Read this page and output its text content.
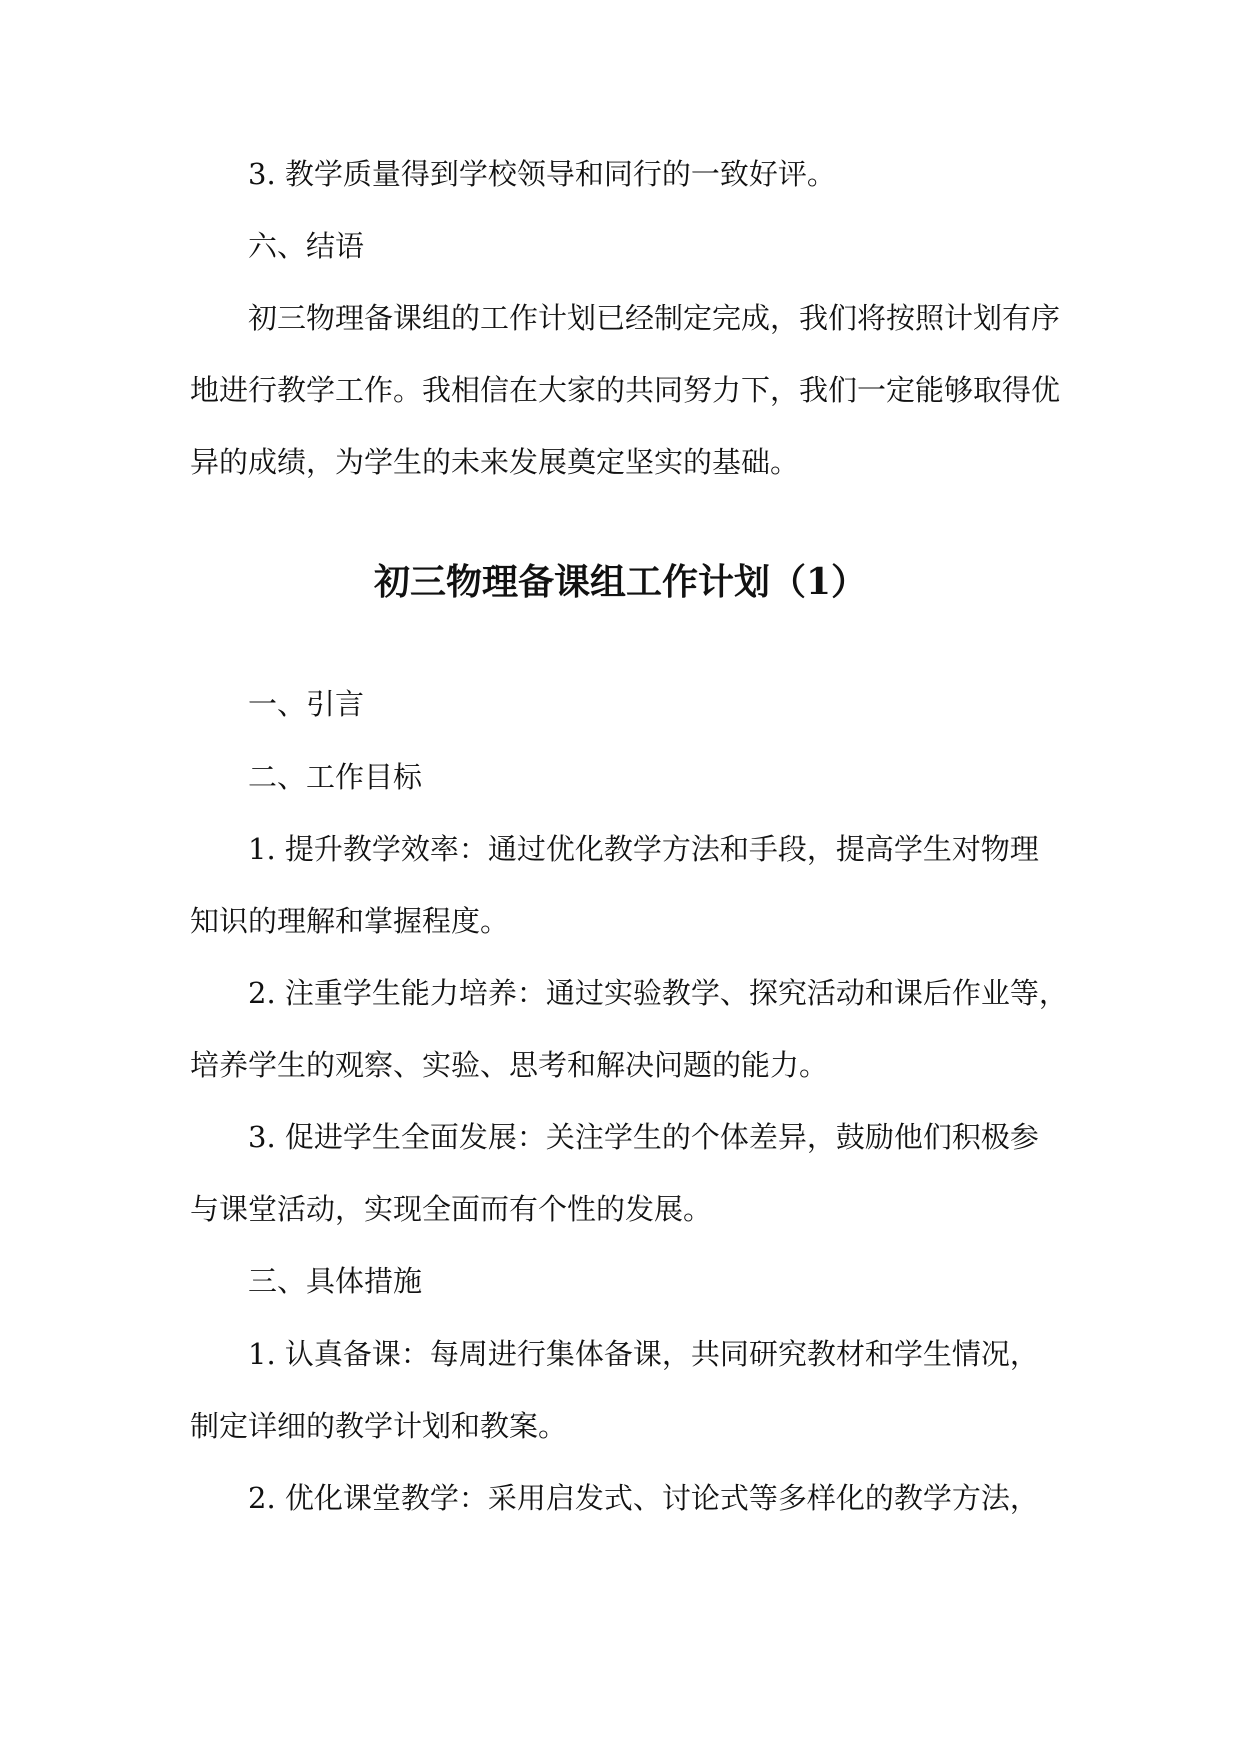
3. 教学质量得到学校领导和同行的一致好评。
六、结语
初三物理备课组的工作计划已经制定完成，我们将按照计划有序
地进行教学工作。我相信在大家的共同努力下，我们一定能够取得优
异的成绩，为学生的未来发展奠定坚实的基础。
初三物理备课组工作计划（1）
一、引言
二、工作目标
1. 提升教学效率：通过优化教学方法和手段，提高学生对物理
知识的理解和掌握程度。
2. 注重学生能力培养：通过实验教学、探究活动和课后作业等，
培养学生的观察、实验、思考和解决问题的能力。
3. 促进学生全面发展：关注学生的个体差异，鼓励他们积极参
与课堂活动，实现全面而有个性的发展。
三、具体措施
1. 认真备课：每周进行集体备课，共同研究教材和学生情况，
制定详细的教学计划和教案。
2. 优化课堂教学：采用启发式、讨论式等多样化的教学方法，
